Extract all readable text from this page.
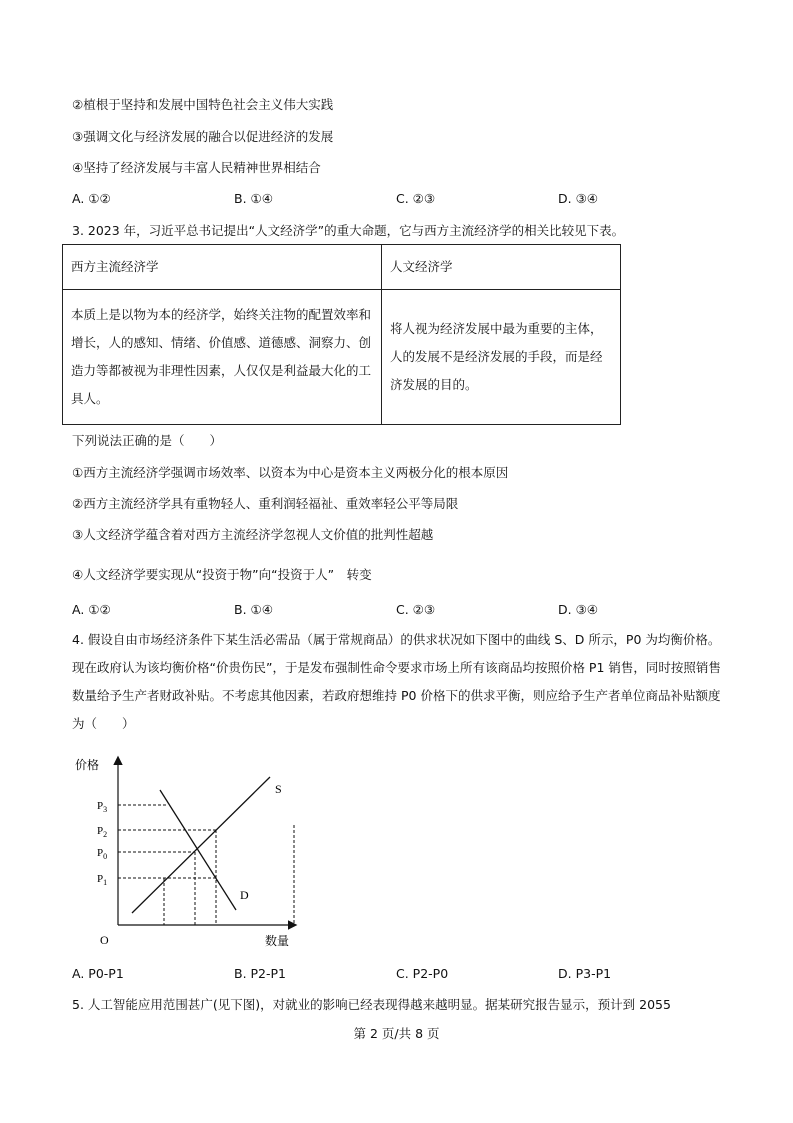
②植根于坚持和发展中国特色社会主义伟大实践
③强调文化与经济发展的融合以促进经济的发展
④坚持了经济发展与丰富人民精神世界相结合
A. ①②	B. ①④	C. ②③	D. ③④
3. 2023 年，习近平总书记提出“人文经济学”的重大命题，它与西方主流经济学的相关比较见下表。
西方主流经济学	人文经济学
本质上是以物为本的经济学，始终关注物的配置效率和增长，人的感知、情绪、价值感、道德感、洞察力、创造力等都被视为非理性因素，人仅仅是利益最大化的工具人。	将人视为经济发展中最为重要的主体，人的发展不是经济发展的手段，而是经济发展的目的。
下列说法正确的是（　　）
①西方主流经济学强调市场效率、以资本为中心是资本主义两极分化的根本原因
②西方主流经济学具有重物轻人、重利润轻福祉、重效率轻公平等局限
③人文经济学蕴含着对西方主流经济学忽视人文价值的批判性超越
④人文经济学要实现从“投资于物”向“投资于人”　转变
A. ①②	B. ①④	C. ②③	D. ③④
4. 假设自由市场经济条件下某生活必需品（属于常规商品）的供求状况如下图中的曲线 S、D 所示，P0 为均衡价格。现在政府认为该均衡价格“价贵伤民”，于是发布强制性命令要求市场上所有该商品均按照价格 P1 销售，同时按照销售数量给予生产者财政补贴。不考虑其他因素，若政府想维持 P0 价格下的供求平衡，则应给予生产者单位商品补贴额度为（　　）
价格
数量
O
S
D
$P_3$
$P_2$
$P_0$
$P_1$
A. P0-P1	B. P2-P1	C. P2-P0	D. P3-P1
5. 人工智能应用范围甚广(见下图)，对就业的影响已经表现得越来越明显。据某研究报告显示，预计到 2055
第 2 页/共 8 页
